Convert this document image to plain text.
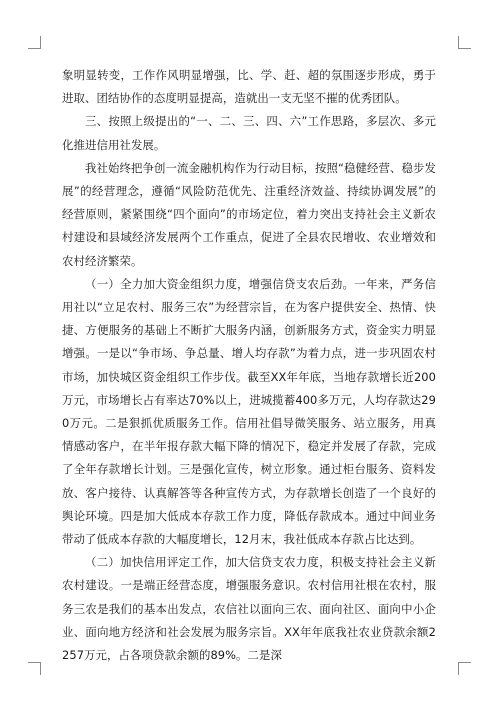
象明显转变，工作作风明显增强，比、学、赶、超的氛围逐步形成，勇于进取、团结协作的态度明显提高，造就出一支无坚不摧的优秀团队。

三、按照上级提出的“一、二、三、四、六”工作思路，多层次、多元化推进信用社发展。

我社始终把争创一流金融机构作为行动目标，按照“稳健经营、稳步发展”的经营理念，遵循“风险防范优先、注重经济效益、持续协调发展”的经营原则，紧紧围绕“四个面向”的市场定位，着力突出支持社会主义新农村建设和县域经济发展两个工作重点，促进了全县农民增收、农业增效和农村经济繁荣。

（一）全力加大资金组织力度，增强信贷支农后劲。一年来，严务信用社以“立足农村、服务三农”为经营宗旨，在为客户提供安全、热情、快捷、方便服务的基础上不断扩大服务内涵，创新服务方式，资金实力明显增强。一是以“争市场、争总量、增人均存款”为着力点，进一步巩固农村市场，加快城区资金组织工作步伐。截至XX年年底，当地存款增长近200万元，市场增长占有率达70%以上，进城揽蓄400多万元，人均存款达290万元。二是狠抓优质服务工作。信用社倡导微笑服务、站立服务，用真情感动客户，在半年报存款大幅下降的情况下，稳定并发展了存款，完成了全年存款增长计划。三是强化宣传，树立形象。通过柜台服务、资料发放、客户接待、认真解答等各种宣传方式，为存款增长创造了一个良好的舆论环境。四是加大低成本存款工作力度，降低存款成本。通过中间业务带动了低成本存款的大幅度增长，12月末，我社低成本存款占比达到。

（二）加快信用评定工作，加大信贷支农力度，积极支持社会主义新农村建设。一是端正经营态度，增强服务意识。农村信用社根在农村，服务三农是我们的基本出发点，农信社以面向三农、面向社区、面向中小企业、面向地方经济和社会发展为服务宗旨。XX年年底我社农业贷款余额2257万元，占各项贷款余额的89%。二是深
